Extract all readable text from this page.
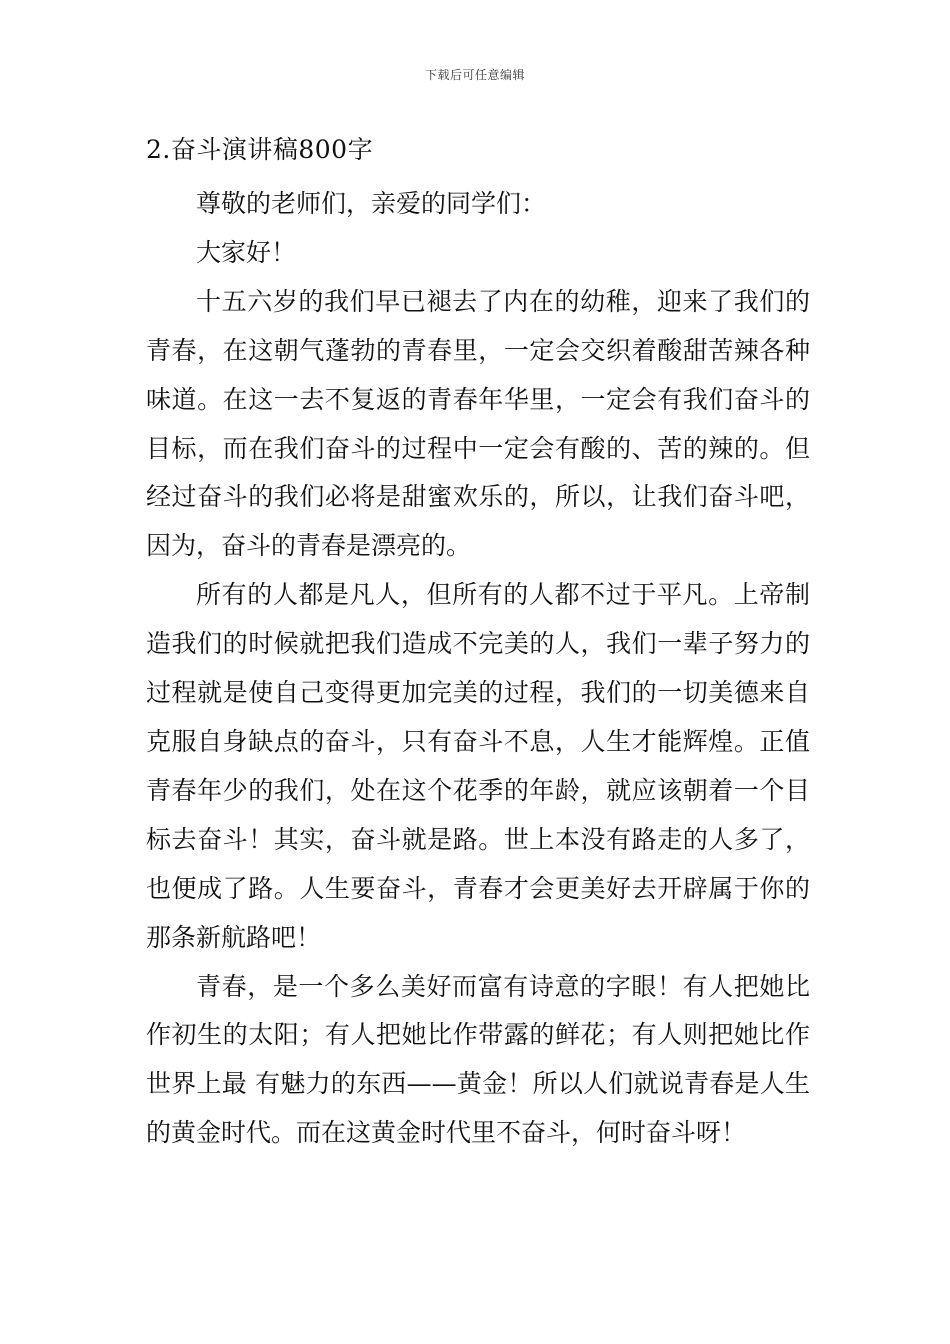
下载后可任意编辑
2.奋斗演讲稿800字

尊敬的老师们，亲爱的同学们：

大家好！

十五六岁的我们早已褪去了内在的幼稚，迎来了我们的青春，在这朝气蓬勃的青春里，一定会交织着酸甜苦辣各种味道。在这一去不复返的青春年华里，一定会有我们奋斗的目标，而在我们奋斗的过程中一定会有酸的、苦的辣的。但经过奋斗的我们必将是甜蜜欢乐的，所以，让我们奋斗吧，因为，奋斗的青春是漂亮的。

所有的人都是凡人，但所有的人都不过于平凡。上帝制造我们的时候就把我们造成不完美的人，我们一辈子努力的过程就是使自己变得更加完美的过程，我们的一切美德来自克服自身缺点的奋斗，只有奋斗不息，人生才能辉煌。正值青春年少的我们，处在这个花季的年龄，就应该朝着一个目标去奋斗！其实，奋斗就是路。世上本没有路走的人多了，也便成了路。人生要奋斗，青春才会更美好去开辟属于你的那条新航路吧！

青春，是一个多么美好而富有诗意的字眼！有人把她比作初生的太阳；有人把她比作带露的鲜花；有人则把她比作世界上最 有魅力的东西——黄金！所以人们就说青春是人生的黄金时代。而在这黄金时代里不奋斗，何时奋斗呀！
